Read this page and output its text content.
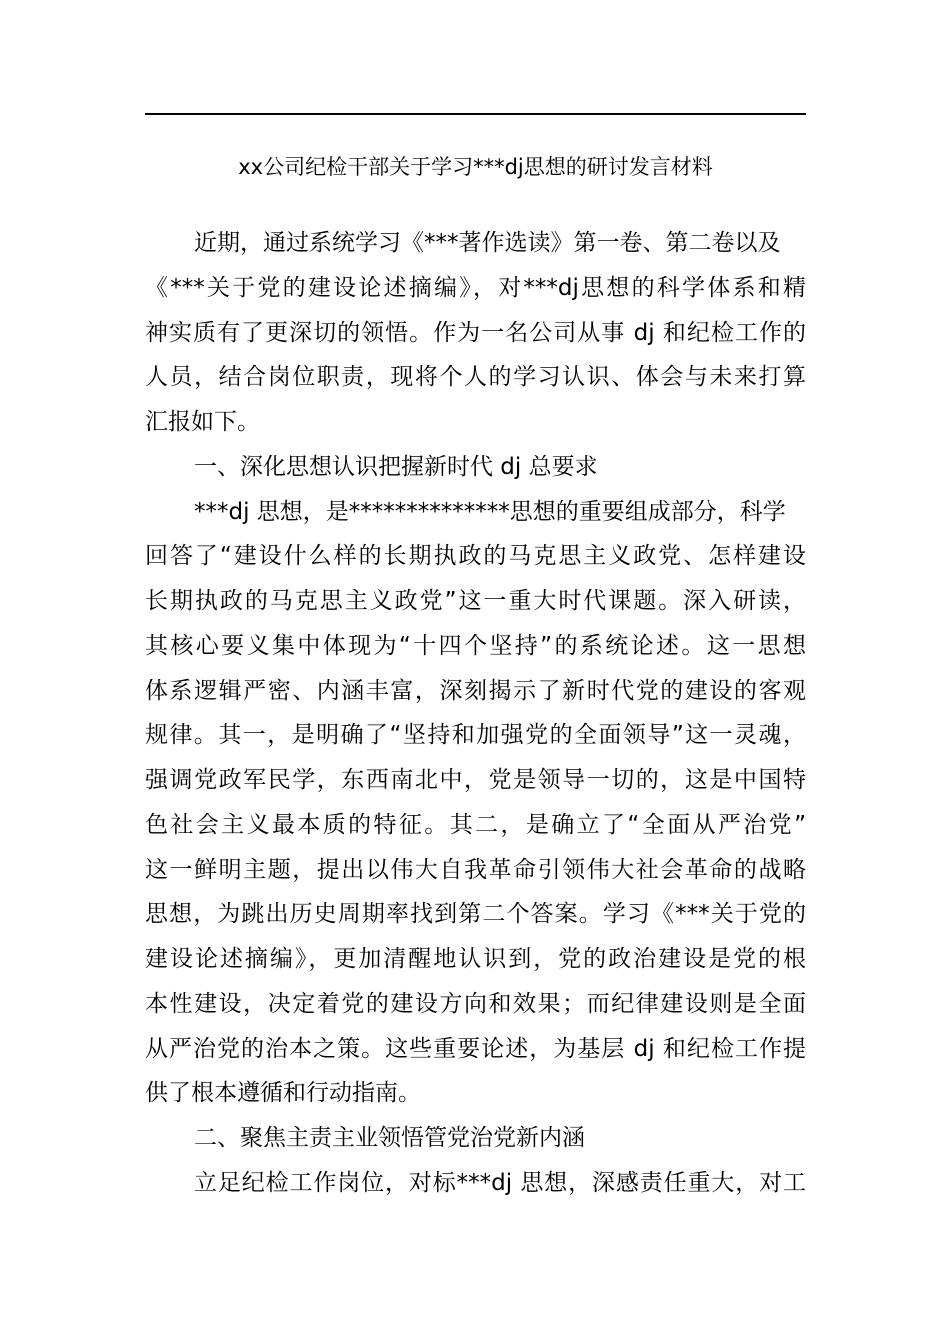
xx公司纪检干部关于学习***dj思想的研讨发言材料
近期，通过系统学习《***著作选读》第一卷、第二卷以及
《***关于党的建设论述摘编》，对***dj思想的科学体系和精
神实质有了更深切的领悟。作为一名公司从事 dj 和纪检工作的
人员，结合岗位职责，现将个人的学习认识、体会与未来打算
汇报如下。
一、深化思想认识把握新时代 dj 总要求
***dj 思想，是**************思想的重要组成部分，科学
回答了“建设什么样的长期执政的马克思主义政党、怎样建设
长期执政的马克思主义政党”这一重大时代课题。深入研读，
其核心要义集中体现为“十四个坚持”的系统论述。这一思想
体系逻辑严密、内涵丰富，深刻揭示了新时代党的建设的客观
规律。其一，是明确了“坚持和加强党的全面领导”这一灵魂，
强调党政军民学，东西南北中，党是领导一切的，这是中国特
色社会主义最本质的特征。其二，是确立了“全面从严治党”
这一鲜明主题，提出以伟大自我革命引领伟大社会革命的战略
思想，为跳出历史周期率找到第二个答案。学习《***关于党的
建设论述摘编》，更加清醒地认识到，党的政治建设是党的根
本性建设，决定着党的建设方向和效果；而纪律建设则是全面
从严治党的治本之策。这些重要论述，为基层 dj 和纪检工作提
供了根本遵循和行动指南。
二、聚焦主责主业领悟管党治党新内涵
立足纪检工作岗位，对标***dj 思想，深感责任重大，对工
